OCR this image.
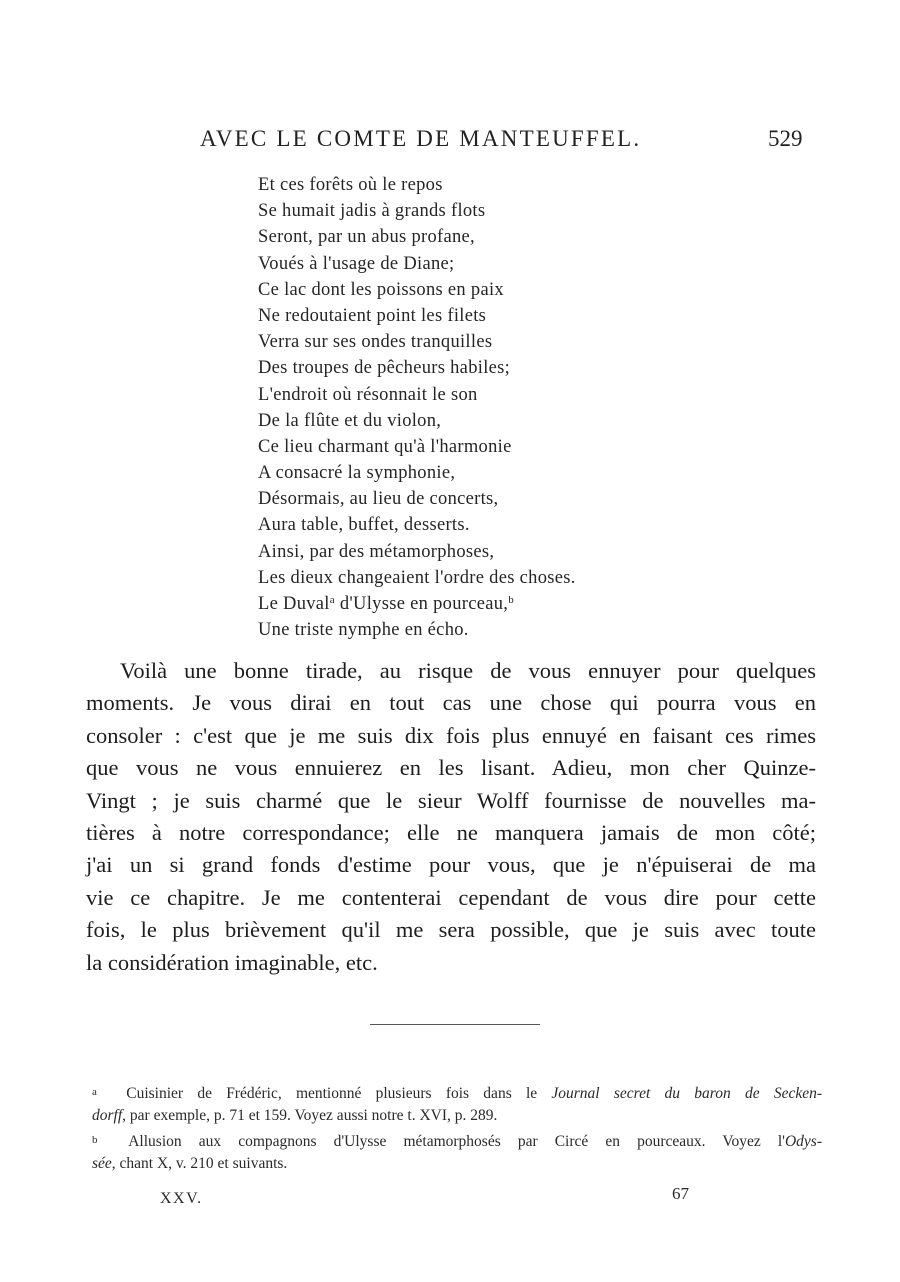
AVEC LE COMTE DE MANTEUFFEL.	529
Et ces forêts où le repos
Se humait jadis à grands flots
Seront, par un abus profane,
Voués à l'usage de Diane;
Ce lac dont les poissons en paix
Ne redoutaient point les filets
Verra sur ses ondes tranquilles
Des troupes de pêcheurs habiles;
L'endroit où résonnait le son
De la flûte et du violon,
Ce lieu charmant qu'à l'harmonie
A consacré la symphonie,
Désormais, au lieu de concerts,
Aura table, buffet, desserts.
Ainsi, par des métamorphoses,
Les dieux changeaient l'ordre des choses.
Le Duval$^a$ d'Ulysse en pourceau,$^b$
Une triste nymphe en écho.
Voilà une bonne tirade, au risque de vous ennuyer pour quelques
moments. Je vous dirai en tout cas une chose qui pourra vous en
consoler : c'est que je me suis dix fois plus ennuyé en faisant ces rimes
que vous ne vous ennuierez en les lisant. Adieu, mon cher Quinze-
Vingt ; je suis charmé que le sieur Wolff fournisse de nouvelles ma-
tières à notre correspondance; elle ne manquera jamais de mon côté;
j'ai un si grand fonds d'estime pour vous, que je n'épuiserai de ma
vie ce chapitre. Je me contenterai cependant de vous dire pour cette
fois, le plus brièvement qu'il me sera possible, que je suis avec toute
la considération imaginable, etc.
a Cuisinier de Frédéric, mentionné plusieurs fois dans le Journal secret du baron de Secken-
dorff, par exemple, p. 71 et 159. Voyez aussi notre t. XVI, p. 289.
b Allusion aux compagnons d'Ulysse métamorphosés par Circé en pourceaux. Voyez l'Odys-
sée, chant X, v. 210 et suivants.
XXV.	67
